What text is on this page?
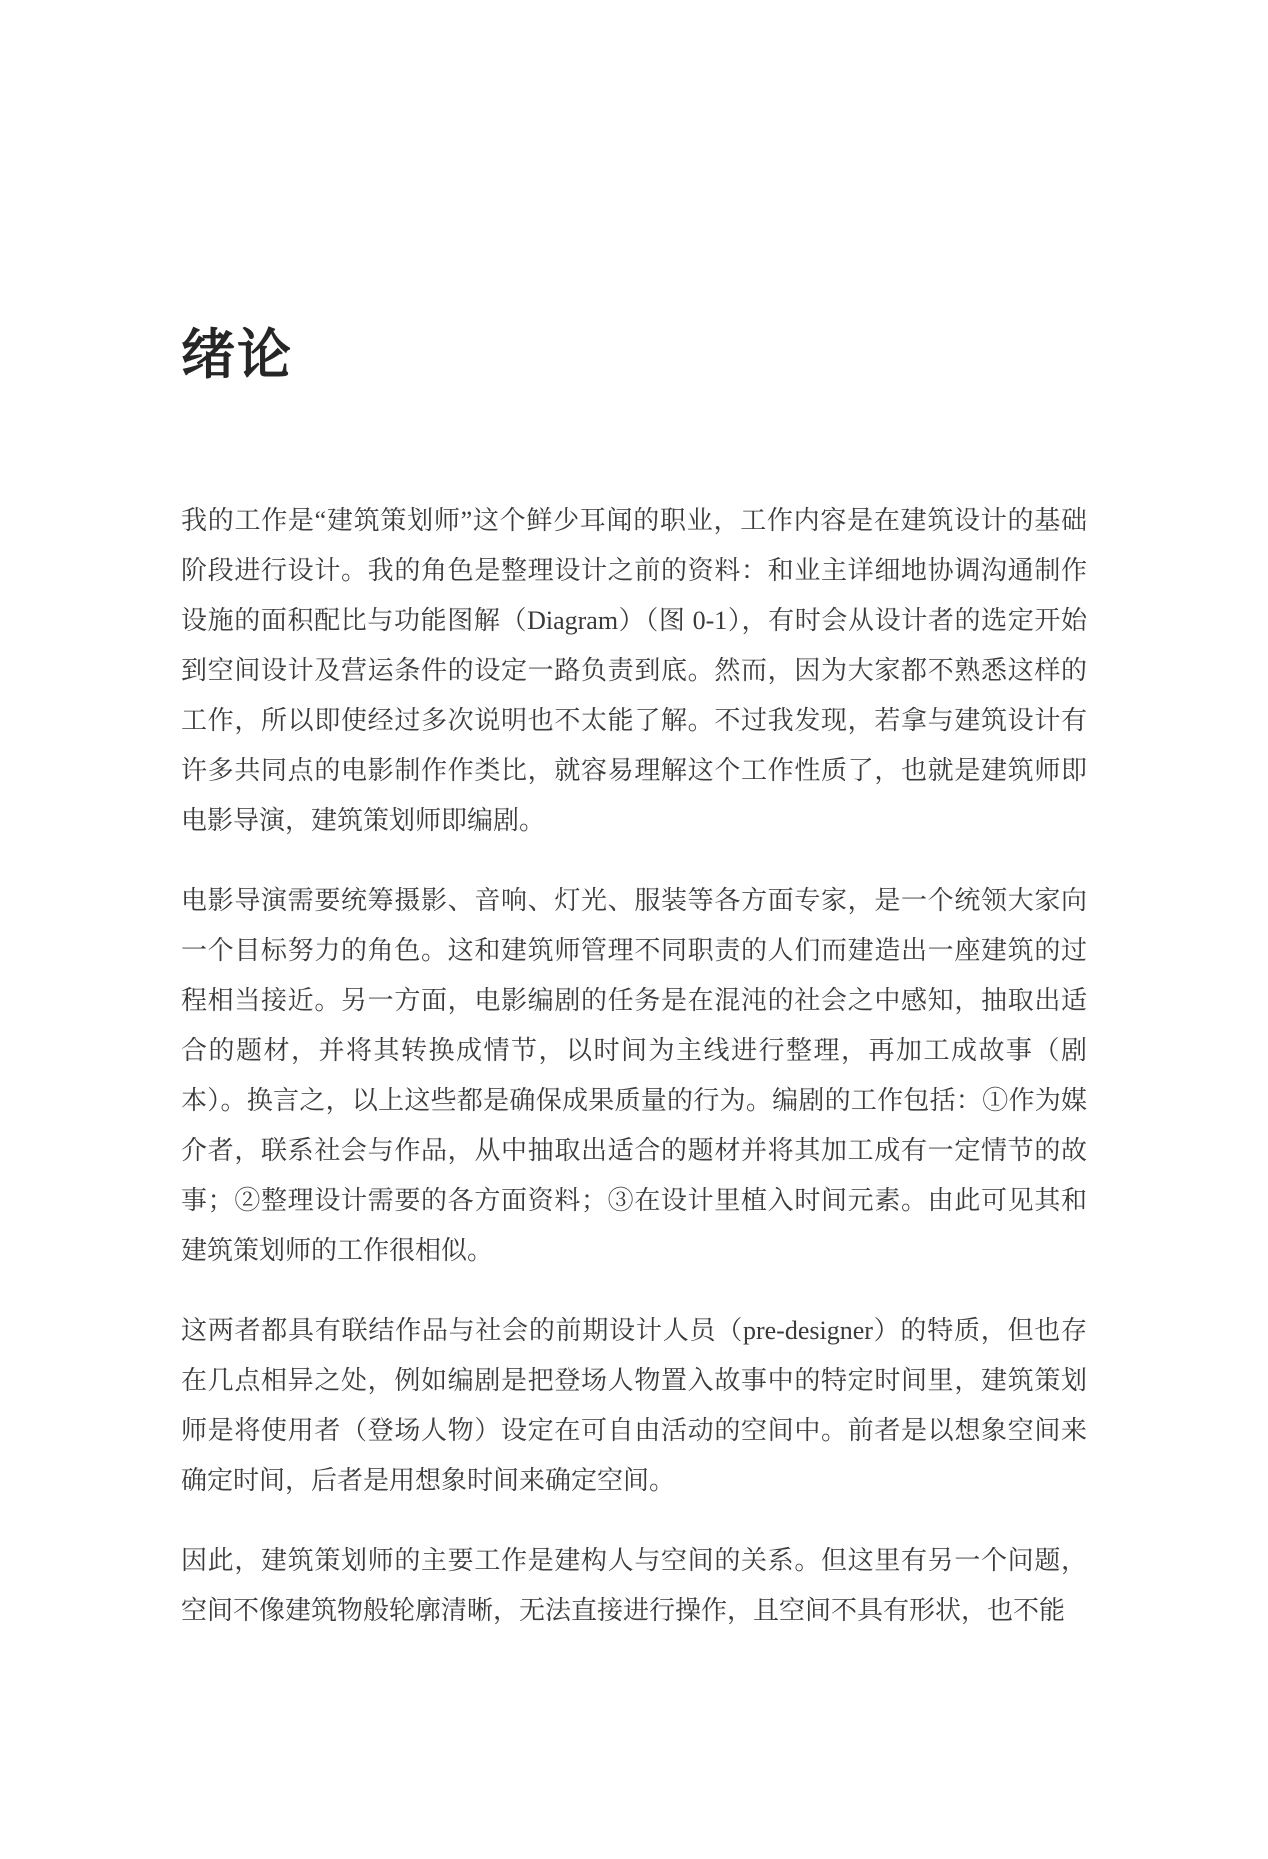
绪论

我的工作是“建筑策划师”这个鲜少耳闻的职业，工作内容是在建筑设计的基础阶段进行设计。我的角色是整理设计之前的资料：和业主详细地协调沟通制作设施的面积配比与功能图解（Diagram）（图 0-1），有时会从设计者的选定开始到空间设计及营运条件的设定一路负责到底。然而，因为大家都不熟悉这样的工作，所以即使经过多次说明也不太能了解。不过我发现，若拿与建筑设计有许多共同点的电影制作作类比，就容易理解这个工作性质了，也就是建筑师即电影导演，建筑策划师即编剧。

电影导演需要统筹摄影、音响、灯光、服装等各方面专家，是一个统领大家向一个目标努力的角色。这和建筑师管理不同职责的人们而建造出一座建筑的过程相当接近。另一方面，电影编剧的任务是在混沌的社会之中感知，抽取出适合的题材，并将其转换成情节，以时间为主线进行整理，再加工成故事（剧本）。换言之，以上这些都是确保成果质量的行为。编剧的工作包括：①作为媒介者，联系社会与作品，从中抽取出适合的题材并将其加工成有一定情节的故事；②整理设计需要的各方面资料；③在设计里植入时间元素。由此可见其和建筑策划师的工作很相似。

这两者都具有联结作品与社会的前期设计人员（pre-designer）的特质，但也存在几点相异之处，例如编剧是把登场人物置入故事中的特定时间里，建筑策划师是将使用者（登场人物）设定在可自由活动的空间中。前者是以想象空间来确定时间，后者是用想象时间来确定空间。

因此，建筑策划师的主要工作是建构人与空间的关系。但这里有另一个问题，空间不像建筑物般轮廓清晰，无法直接进行操作，且空间不具有形状，也不能
